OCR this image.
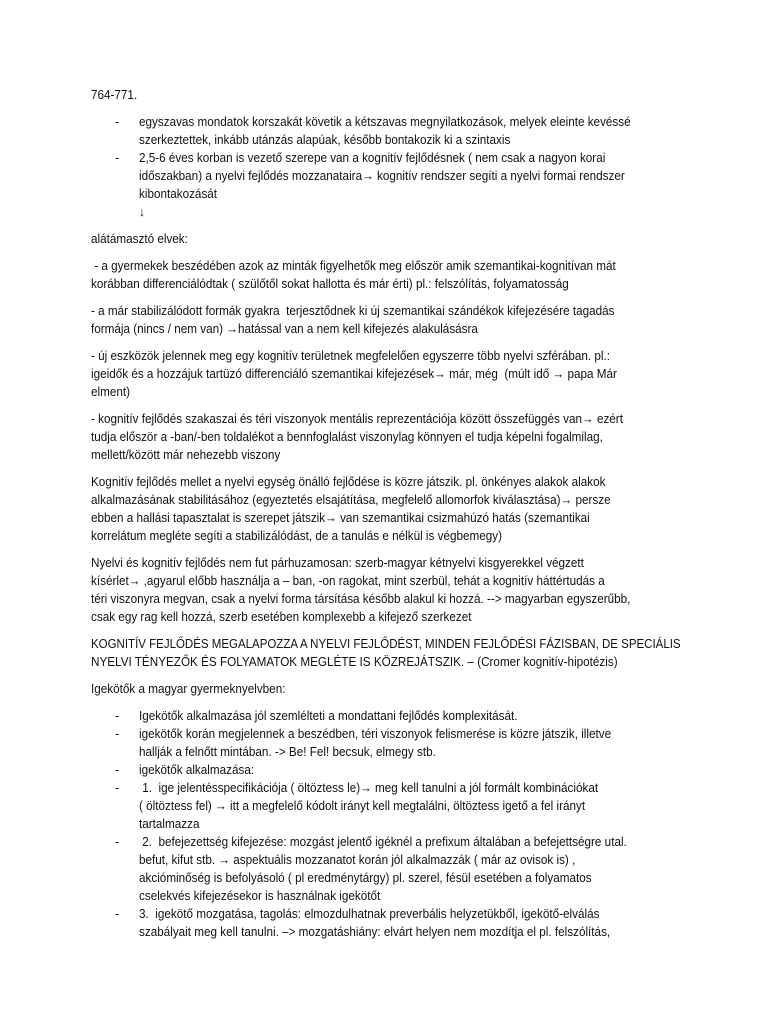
764-771.
-	egyszavas mondatok korszakát követik a kétszavas megnyilatkozások, melyek eleinte kevéssé
szerkeztettek, inkább utánzás alapúak, később bontakozik ki a szintaxis
-	2,5-6 éves korban is vezető szerepe van a kognitív fejlődésnek ( nem csak a nagyon korai
időszakban) a nyelvi fejlődés mozzanataira→ kognitív rendszer segíti a nyelvi formai rendszer
kibontakozását
↓
alátámasztó elvek:
- a gyermekek beszédében azok az minták figyelhetők meg először amik szemantikai-kognitívan mát
korábban differenciálódtak ( szülőtől sokat hallotta és már érti) pl.: felszólítás, folyamatosság
- a már stabilizálódott formák gyakra  terjesztődnek ki új szemantikai szándékok kifejezésére tagadás
formája (nincs / nem van) →hatással van a nem kell kifejezés alakulásásra
- új eszközök jelennek meg egy kognitív területnek megfelelően egyszerre több nyelvi szférában. pl.:
igeidők és a hozzájuk tartüzó differenciáló szemantikai kifejezések→ már, még  (múlt idő → papa Már
elment)
- kognitív fejlődés szakaszai és téri viszonyok mentális reprezentációja között összefüggés van→ ezért
tudja először a -ban/-ben toldalékot a bennfoglalást viszonylag könnyen el tudja képelni fogalmilag,
mellett/között már nehezebb viszony
Kognitív fejlődés mellet a nyelvi egység önálló fejlődése is közre játszik. pl. önkényes alakok alakok
alkalmazásának stabilitásához (egyeztetés elsajátítása, megfelelő allomorfok kiválasztása)→ persze
ebben a hallási tapasztalat is szerepet játszik→ van szemantikai csizmahúzó hatás (szemantikai
korrelátum megléte segíti a stabilizálódást, de a tanulás e nélkül is végbemegy)
Nyelvi és kognitív fejlődés nem fut párhuzamosan: szerb-magyar kétnyelvi kisgyerekkel végzett
kísérlet→ ,agyarul előbb használja a – ban, -on ragokat, mint szerbül, tehát a kognitív háttértudás a
téri viszonyra megvan, csak a nyelvi forma társítása később alakul ki hozzá. --> magyarban egyszerűbb,
csak egy rag kell hozzá, szerb esetében komplexebb a kifejező szerkezet
KOGNITÍV FEJLŐDÉS MEGALAPOZZA A NYELVI FEJLŐDÉST, MINDEN FEJLŐDÉSI FÁZISBAN, DE SPECIÁLIS
NYELVI TÉNYEZŐK ÉS FOLYAMATOK MEGLÉTE IS KÖZREJÁTSZIK. – (Cromer kognitív-hipotézis)
Igekötők a magyar gyermeknyelvben:
-	Igekötők alkalmazása jól szemlélteti a mondattani fejlődés komplexitását.
-	igekötők korán megjelennek a beszédben, téri viszonyok felismerése is közre játszik, illetve
hallják a felnőtt mintában. -> Be! Fel! becsuk, elmegy stb.
-	igekötők alkalmazása:
-	1.  ige jelentésspecifikációja ( öltöztess le)→ meg kell tanulni a jól formált kombinációkat
( öltöztess fel) → itt a megfelelő kódolt irányt kell megtalálni, öltöztess igető a fel irányt
tartalmazza
-	2.  befejezettség kifejezése: mozgást jelentő igéknél a prefixum általában a befejettségre utal.
befut, kifut stb. → aspektuális mozzanatot korán jól alkalmazzák ( már az ovisok is) ,
akcióminőség is befolyásoló ( pl eredménytárgy) pl. szerel, fésül esetében a folyamatos
cselekvés kifejezésekor is használnak igekötőt
-	3.  igekötő mozgatása, tagolás: elmozdulhatnak preverbális helyzetükből, igekötő-elválás
szabályait meg kell tanulni. –> mozgatáshiány: elvárt helyen nem mozdítja el pl. felszólítás,
